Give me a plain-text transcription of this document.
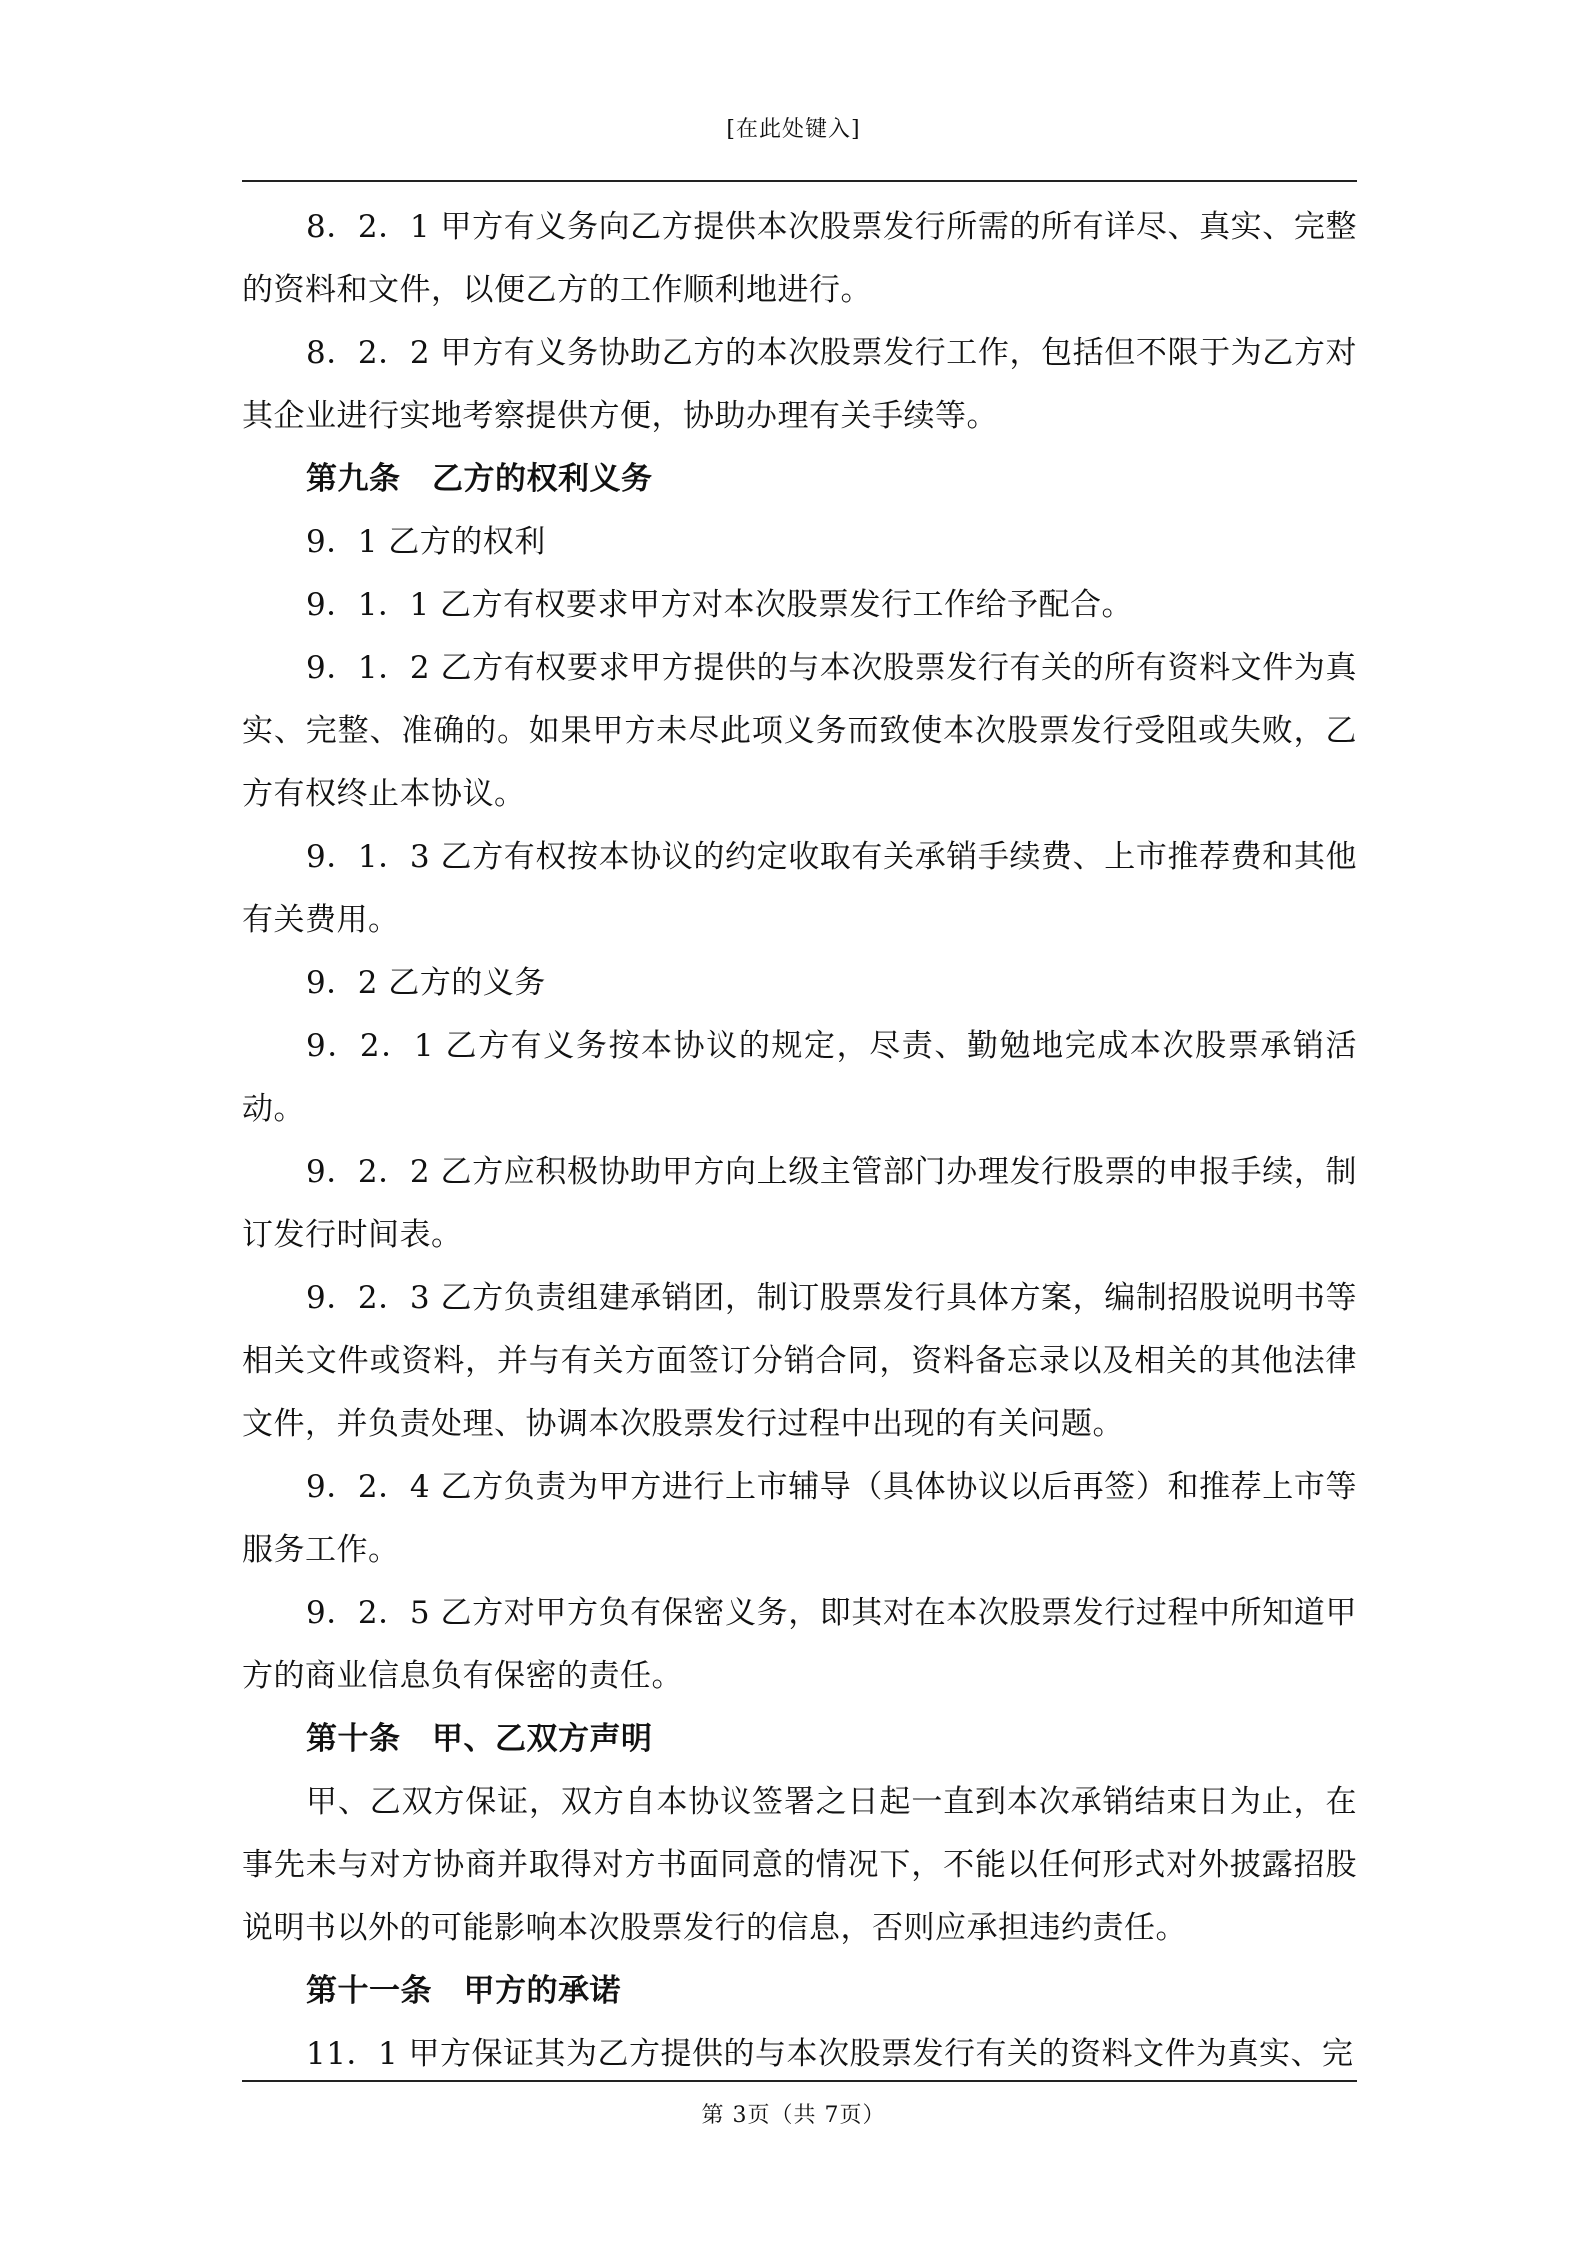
[在此处键入]

8．2．1 甲方有义务向乙方提供本次股票发行所需的所有详尽、真实、完整的资料和文件，以便乙方的工作顺利地进行。

8．2．2 甲方有义务协助乙方的本次股票发行工作，包括但不限于为乙方对其企业进行实地考察提供方便，协助办理有关手续等。

第九条　乙方的权利义务

9．1 乙方的权利

9．1．1 乙方有权要求甲方对本次股票发行工作给予配合。

9．1．2 乙方有权要求甲方提供的与本次股票发行有关的所有资料文件为真实、完整、准确的。如果甲方未尽此项义务而致使本次股票发行受阻或失败，乙方有权终止本协议。

9．1．3 乙方有权按本协议的约定收取有关承销手续费、上市推荐费和其他有关费用。

9．2 乙方的义务

9．2．1 乙方有义务按本协议的规定，尽责、勤勉地完成本次股票承销活动。

9．2．2 乙方应积极协助甲方向上级主管部门办理发行股票的申报手续，制订发行时间表。

9．2．3 乙方负责组建承销团，制订股票发行具体方案，编制招股说明书等相关文件或资料，并与有关方面签订分销合同，资料备忘录以及相关的其他法律文件，并负责处理、协调本次股票发行过程中出现的有关问题。

9．2．4 乙方负责为甲方进行上市辅导（具体协议以后再签）和推荐上市等服务工作。

9．2．5 乙方对甲方负有保密义务，即其对在本次股票发行过程中所知道甲方的商业信息负有保密的责任。

第十条　甲、乙双方声明

甲、乙双方保证，双方自本协议签署之日起一直到本次承销结束日为止，在事先未与对方协商并取得对方书面同意的情况下，不能以任何形式对外披露招股说明书以外的可能影响本次股票发行的信息，否则应承担违约责任。

第十一条　甲方的承诺

11．1 甲方保证其为乙方提供的与本次股票发行有关的资料文件为真实、完

第 3页（共 7页）
